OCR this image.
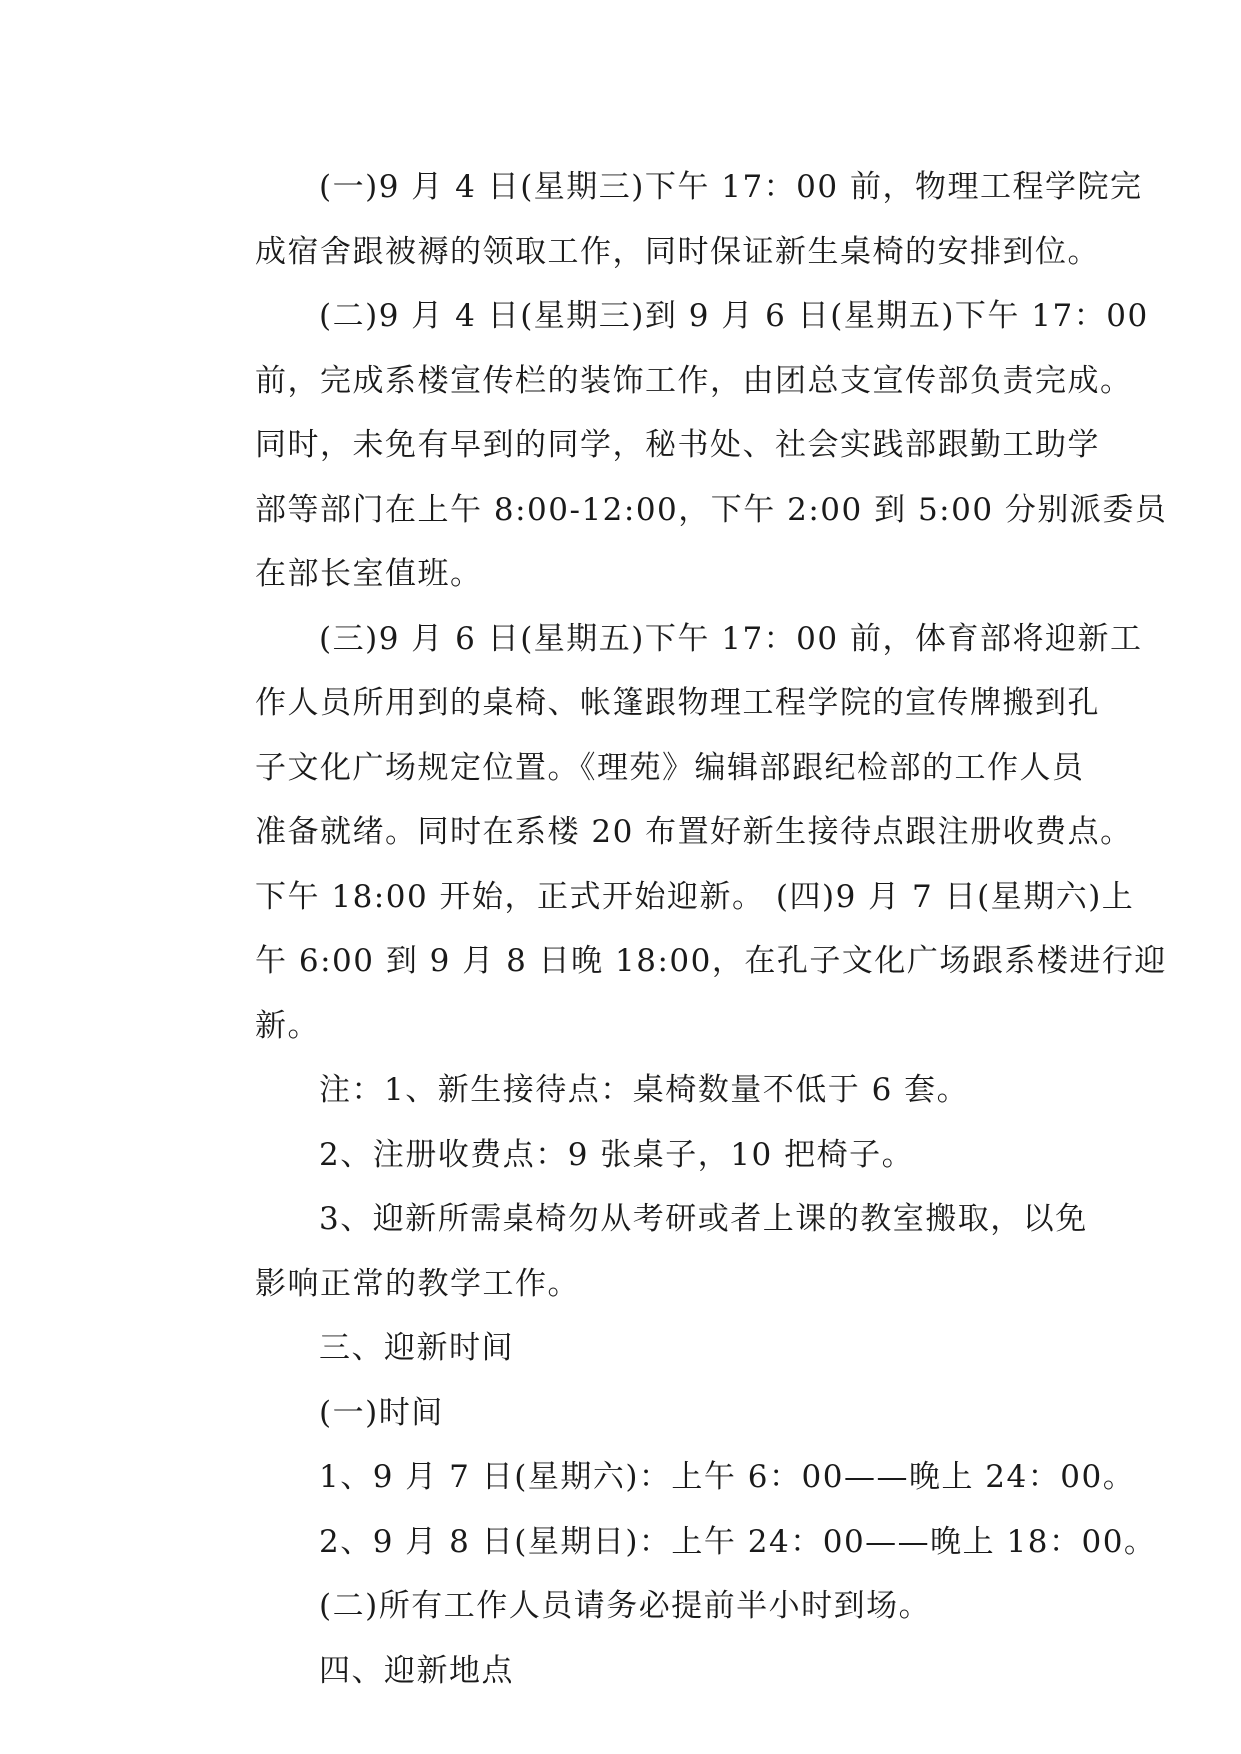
(一)9 月 4 日(星期三)下午 17：00 前，物理工程学院完
成宿舍跟被褥的领取工作，同时保证新生桌椅的安排到位。
(二)9 月 4 日(星期三)到 9 月 6 日(星期五)下午 17：00
前，完成系楼宣传栏的装饰工作，由团总支宣传部负责完成。
同时，未免有早到的同学，秘书处、社会实践部跟勤工助学
部等部门在上午 8:00-12:00，下午 2:00 到 5:00 分别派委员
在部长室值班。
(三)9 月 6 日(星期五)下午 17：00 前，体育部将迎新工
作人员所用到的桌椅、帐篷跟物理工程学院的宣传牌搬到孔
子文化广场规定位置。《理苑》编辑部跟纪检部的工作人员
准备就绪。同时在系楼 20 布置好新生接待点跟注册收费点。
下午 18:00 开始，正式开始迎新。 (四)9 月 7 日(星期六)上
午 6:00 到 9 月 8 日晚 18:00，在孔子文化广场跟系楼进行迎
新。
注：1、新生接待点：桌椅数量不低于 6 套。
2、注册收费点：9 张桌子，10 把椅子。
3、迎新所需桌椅勿从考研或者上课的教室搬取，以免
影响正常的教学工作。
三、迎新时间
(一)时间
1、9 月 7 日(星期六)：上午 6：00——晚上 24：00。
2、9 月 8 日(星期日)：上午 24：00——晚上 18：00。
(二)所有工作人员请务必提前半小时到场。
四、迎新地点
